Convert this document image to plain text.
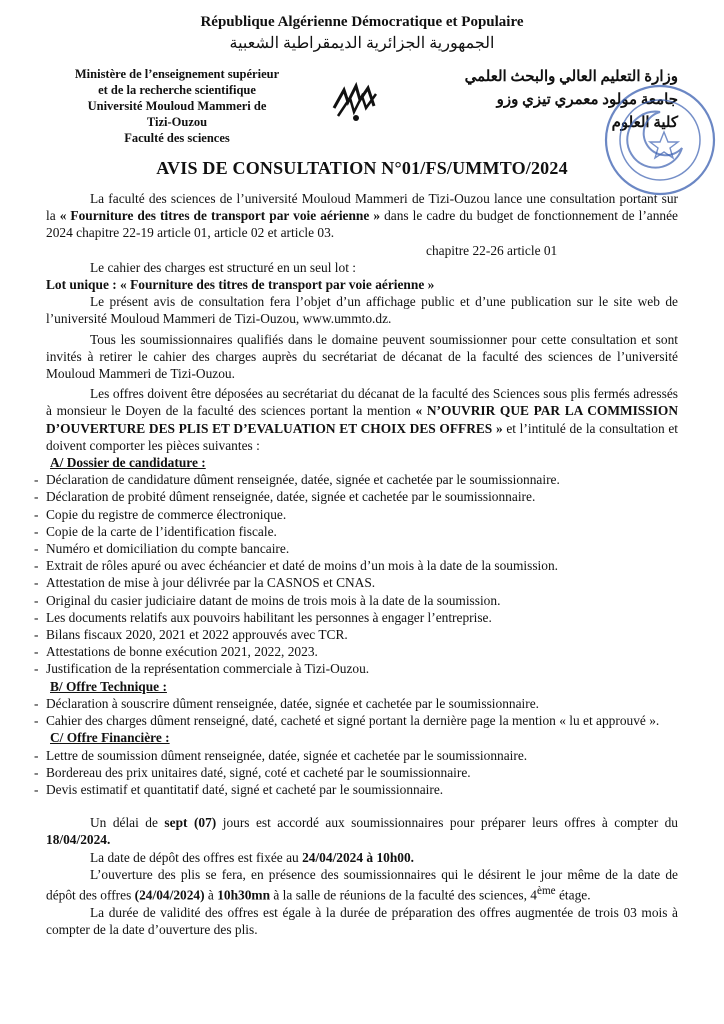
République Algérienne Démocratique et Populaire
الجمهورية الجزائرية الديمقراطية الشعبية
Ministère de l’enseignement supérieur
et de la recherche scientifique
Université Mouloud Mammeri de
Tizi-Ouzou
Faculté des sciences
وزارة التعليم العالي والبحث العلمي
جامعة مولود معمري تيزي وزو
كلية العلوم
AVIS DE CONSULTATION N°01/FS/UMMTO/2024

La faculté des sciences de l’université Mouloud Mammeri de Tizi-Ouzou lance une consultation portant sur la « Fourniture des titres de transport par voie aérienne » dans le cadre du budget de fonctionnement de l’année 2024 chapitre 22-19 article 01, article 02 et article 03.

chapitre 22-26 article 01

Le cahier des charges est structuré en un seul lot :

Lot unique : « Fourniture des titres de transport par voie aérienne »

Le présent avis de consultation fera l’objet d’un affichage public et d’une publication sur le site web de l’université Mouloud Mammeri de Tizi-Ouzou, www.ummto.dz.

Tous les soumissionnaires qualifiés dans le domaine peuvent soumissionner pour cette consultation et sont invités à retirer le cahier des charges auprès du secrétariat de décanat de la faculté des sciences de l’université Mouloud Mammeri de Tizi-Ouzou.

Les offres doivent être déposées au secrétariat du décanat de la faculté des Sciences sous plis fermés adressés à monsieur le Doyen de la faculté des sciences portant la mention « N’OUVRIR QUE PAR LA COMMISSION D’OUVERTURE DES PLIS ET D’EVALUATION ET CHOIX DES OFFRES » et l’intitulé de la consultation et doivent comporter les pièces suivantes :

A/ Dossier de candidature :

- Déclaration de candidature dûment renseignée, datée, signée et cachetée par le soumissionnaire.
- Déclaration de probité dûment renseignée, datée, signée et cachetée par le soumissionnaire.
- Copie du registre de commerce électronique.
- Copie de la carte de l’identification fiscale.
- Numéro et domiciliation du compte bancaire.
- Extrait de rôles apuré ou avec échéancier et daté de moins d’un mois à la date de la soumission.
- Attestation de mise à jour délivrée par la CASNOS et CNAS.
- Original du casier judiciaire datant de moins de trois mois à la date de la soumission.
- Les documents relatifs aux pouvoirs habilitant les personnes à engager l’entreprise.
- Bilans fiscaux 2020, 2021 et 2022 approuvés avec TCR.
- Attestations de bonne exécution 2021, 2022, 2023.
- Justification de la représentation commerciale à Tizi-Ouzou.

B/ Offre Technique :

- Déclaration à souscrire dûment renseignée, datée, signée et cachetée par le soumissionnaire.
- Cahier des charges dûment renseigné, daté, cacheté et signé portant la dernière page la mention « lu et approuvé ».

C/ Offre Financière :

- Lettre de soumission dûment renseignée, datée, signée et cachetée par le soumissionnaire.
- Bordereau des prix unitaires daté, signé, coté et cacheté par le soumissionnaire.
- Devis estimatif et quantitatif daté, signé et cacheté par le soumissionnaire.

Un délai de sept (07) jours est accordé aux soumissionnaires pour préparer leurs offres à compter du 18/04/2024.

La date de dépôt des offres est fixée au 24/04/2024 à 10h00.

L’ouverture des plis se fera, en présence des soumissionnaires qui le désirent le jour même de la date de dépôt des offres (24/04/2024) à 10h30mn à la salle de réunions de la faculté des sciences, 4ème étage.

La durée de validité des offres est égale à la durée de préparation des offres augmentée de trois 03 mois à compter de la date d’ouverture des plis.
